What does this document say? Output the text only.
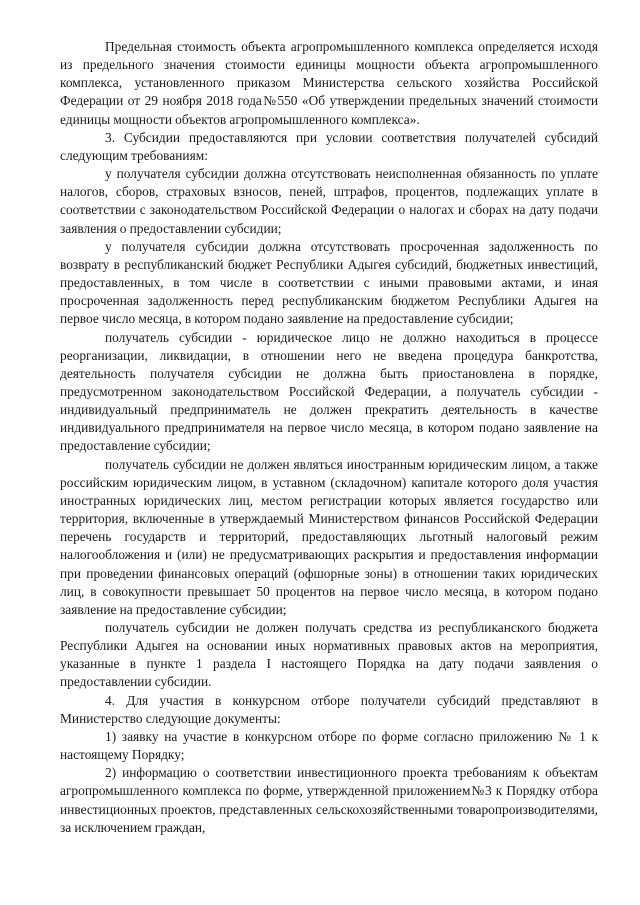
Предельная стоимость объекта агропромышленного комплекса определяется исходя из предельного значения стоимости единицы мощности объекта агропромышленного комплекса, установленного приказом Министерства сельского хозяйства Российской Федерации от 29 ноября 2018 года№550 «Об утверждении предельных значений стоимости единицы мощности объектов агропромышленного комплекса».

3. Субсидии предоставляются при условии соответствия получателей субсидий следующим требованиям:

у получателя субсидии должна отсутствовать неисполненная обязанность по уплате налогов, сборов, страховых взносов, пеней, штрафов, процентов, подлежащих уплате в соответствии с законодательством Российской Федерации о налогах и сборах на дату подачи заявления о предоставлении субсидии;

у получателя субсидии должна отсутствовать просроченная задолженность по возврату в республиканский бюджет Республики Адыгея субсидий, бюджетных инвестиций, предоставленных, в том числе в соответствии с иными правовыми актами, и иная просроченная задолженность перед республиканским бюджетом Республики Адыгея на первое число месяца, в котором подано заявление на предоставление субсидии;

получатель субсидии - юридическое лицо не должно находиться в процессе реорганизации, ликвидации, в отношении него не введена процедура банкротства, деятельность получателя субсидии не должна быть приостановлена в порядке, предусмотренном законодательством Российской Федерации, а получатель субсидии - индивидуальный предприниматель не должен прекратить деятельность в качестве индивидуального предпринимателя на первое число месяца, в котором подано заявление на предоставление субсидии;

получатель субсидии не должен являться иностранным юридическим лицом, а также российским юридическим лицом, в уставном (складочном) капитале которого доля участия иностранных юридических лиц, местом регистрации которых является государство или территория, включенные в утверждаемый Министерством финансов Российской Федерации перечень государств и территорий, предоставляющих льготный налоговый режим налогообложения и (или) не предусматривающих раскрытия и предоставления информации при проведении финансовых операций (офшорные зоны) в отношении таких юридических лиц, в совокупности превышает 50 процентов на первое число месяца, в котором подано заявление на предоставление субсидии;

получатель субсидии не должен получать средства из республиканского бюджета Республики Адыгея на основании иных нормативных правовых актов на мероприятия, указанные в пункте 1 раздела I настоящего Порядка на дату подачи заявления о предоставлении субсидии.

4. Для участия в конкурсном отборе получатели субсидий представляют в Министерство следующие документы:

1) заявку на участие в конкурсном отборе по форме согласно приложению № 1 к настоящему Порядку;

2) информацию о соответствии инвестиционного проекта требованиям к объектам агропромышленного комплекса по форме, утвержденной приложением№3 к Порядку отбора инвестиционных проектов, представленных сельскохозяйственными товаропроизводителями, за исключением граждан,
